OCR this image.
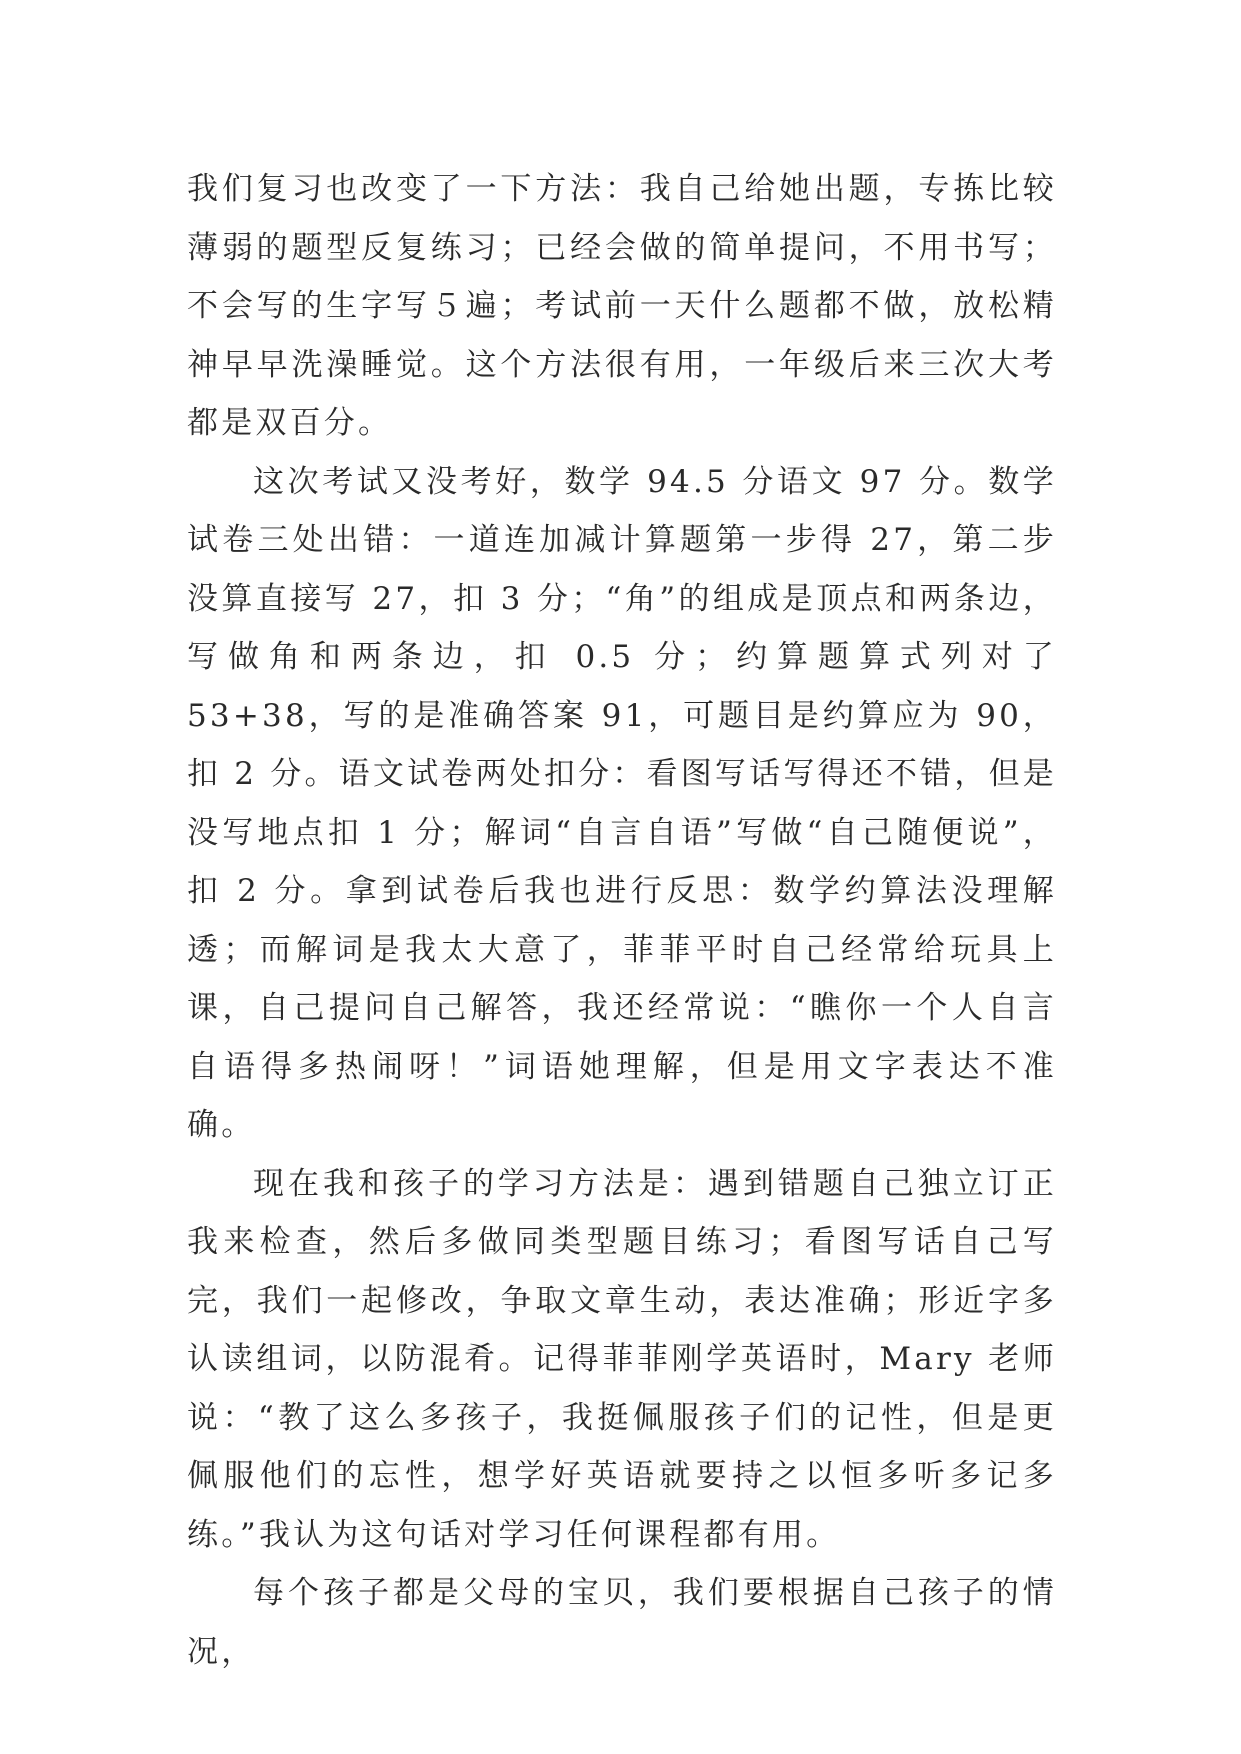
我们复习也改变了一下方法：我自己给她出题，专拣比较薄弱的题型反复练习；已经会做的简单提问，不用书写；不会写的生字写５遍；考试前一天什么题都不做，放松精神早早洗澡睡觉。这个方法很有用，一年级后来三次大考都是双百分。

这次考试又没考好，数学 94.5 分语文 97 分。数学试卷三处出错：一道连加减计算题第一步得 27，第二步没算直接写 27，扣 3 分；“角”的组成是顶点和两条边，写做角和两条边，扣 0.5 分；约算题算式列对了 53+38，写的是准确答案 91，可题目是约算应为 90，扣 2 分。语文试卷两处扣分：看图写话写得还不错，但是没写地点扣 1 分；解词“自言自语”写做“自己随便说”，扣 2 分。拿到试卷后我也进行反思：数学约算法没理解透；而解词是我太大意了，菲菲平时自己经常给玩具上课，自己提问自己解答，我还经常说：“瞧你一个人自言自语得多热闹呀！”词语她理解，但是用文字表达不准确。

现在我和孩子的学习方法是：遇到错题自己独立订正我来检查，然后多做同类型题目练习；看图写话自己写完，我们一起修改，争取文章生动，表达准确；形近字多认读组词，以防混肴。记得菲菲刚学英语时，Mary 老师说：“教了这么多孩子，我挺佩服孩子们的记性，但是更佩服他们的忘性，想学好英语就要持之以恒多听多记多练。”我认为这句话对学习任何课程都有用。

每个孩子都是父母的宝贝，我们要根据自己孩子的情况，
